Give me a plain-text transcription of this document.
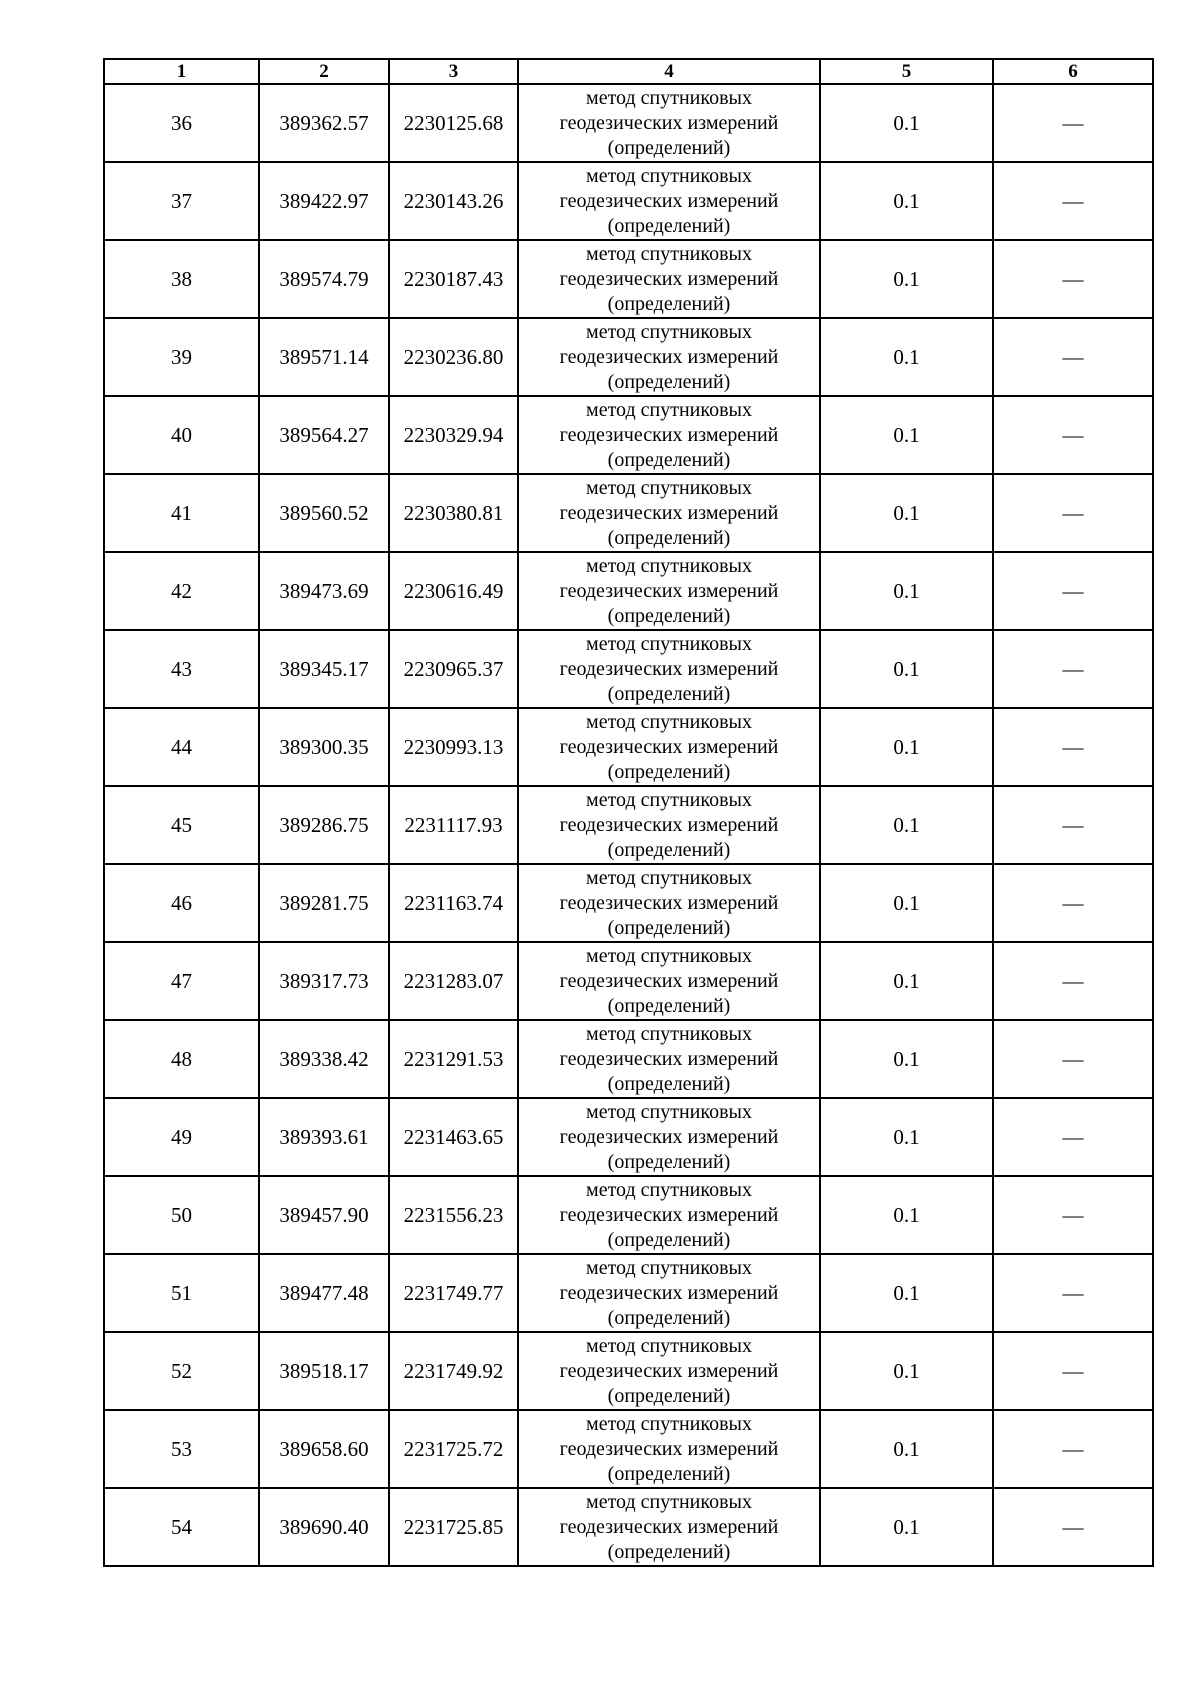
1	2	3	4	5	6
36	389362.57	2230125.68	метод спутниковых
геодезических измерений
(определений)	0.1	—
37	389422.97	2230143.26	метод спутниковых
геодезических измерений
(определений)	0.1	—
38	389574.79	2230187.43	метод спутниковых
геодезических измерений
(определений)	0.1	—
39	389571.14	2230236.80	метод спутниковых
геодезических измерений
(определений)	0.1	—
40	389564.27	2230329.94	метод спутниковых
геодезических измерений
(определений)	0.1	—
41	389560.52	2230380.81	метод спутниковых
геодезических измерений
(определений)	0.1	—
42	389473.69	2230616.49	метод спутниковых
геодезических измерений
(определений)	0.1	—
43	389345.17	2230965.37	метод спутниковых
геодезических измерений
(определений)	0.1	—
44	389300.35	2230993.13	метод спутниковых
геодезических измерений
(определений)	0.1	—
45	389286.75	2231117.93	метод спутниковых
геодезических измерений
(определений)	0.1	—
46	389281.75	2231163.74	метод спутниковых
геодезических измерений
(определений)	0.1	—
47	389317.73	2231283.07	метод спутниковых
геодезических измерений
(определений)	0.1	—
48	389338.42	2231291.53	метод спутниковых
геодезических измерений
(определений)	0.1	—
49	389393.61	2231463.65	метод спутниковых
геодезических измерений
(определений)	0.1	—
50	389457.90	2231556.23	метод спутниковых
геодезических измерений
(определений)	0.1	—
51	389477.48	2231749.77	метод спутниковых
геодезических измерений
(определений)	0.1	—
52	389518.17	2231749.92	метод спутниковых
геодезических измерений
(определений)	0.1	—
53	389658.60	2231725.72	метод спутниковых
геодезических измерений
(определений)	0.1	—
54	389690.40	2231725.85	метод спутниковых
геодезических измерений
(определений)	0.1	—
